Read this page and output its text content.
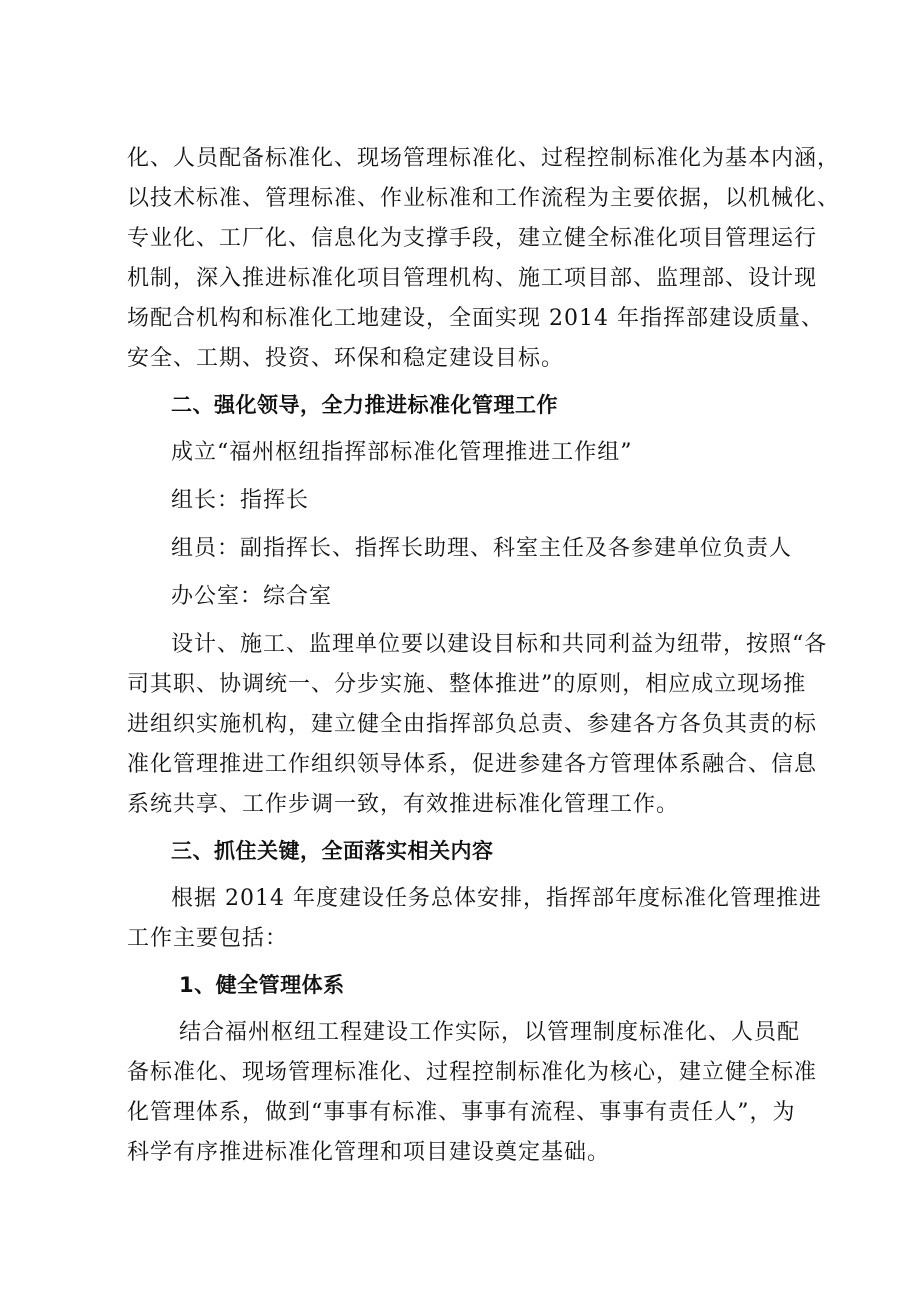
化、人员配备标准化、现场管理标准化、过程控制标准化为基本内涵，
以技术标准、管理标准、作业标准和工作流程为主要依据，以机械化、
专业化、工厂化、信息化为支撑手段，建立健全标准化项目管理运行
机制，深入推进标准化项目管理机构、施工项目部、监理部、设计现
场配合机构和标准化工地建设，全面实现 2014 年指挥部建设质量、
安全、工期、投资、环保和稳定建设目标。
二、强化领导，全力推进标准化管理工作
成立“福州枢纽指挥部标准化管理推进工作组”
组长：指挥长
组员：副指挥长、指挥长助理、科室主任及各参建单位负责人
办公室：综合室
设计、施工、监理单位要以建设目标和共同利益为纽带，按照“各
司其职、协调统一、分步实施、整体推进”的原则，相应成立现场推
进组织实施机构，建立健全由指挥部负总责、参建各方各负其责的标
准化管理推进工作组织领导体系，促进参建各方管理体系融合、信息
系统共享、工作步调一致，有效推进标准化管理工作。
三、抓住关键，全面落实相关内容
根据 2014 年度建设任务总体安排，指挥部年度标准化管理推进
工作主要包括：
1、健全管理体系
结合福州枢纽工程建设工作实际，以管理制度标准化、人员配
备标准化、现场管理标准化、过程控制标准化为核心，建立健全标准
化管理体系，做到“事事有标准、事事有流程、事事有责任人”，为
科学有序推进标准化管理和项目建设奠定基础。
